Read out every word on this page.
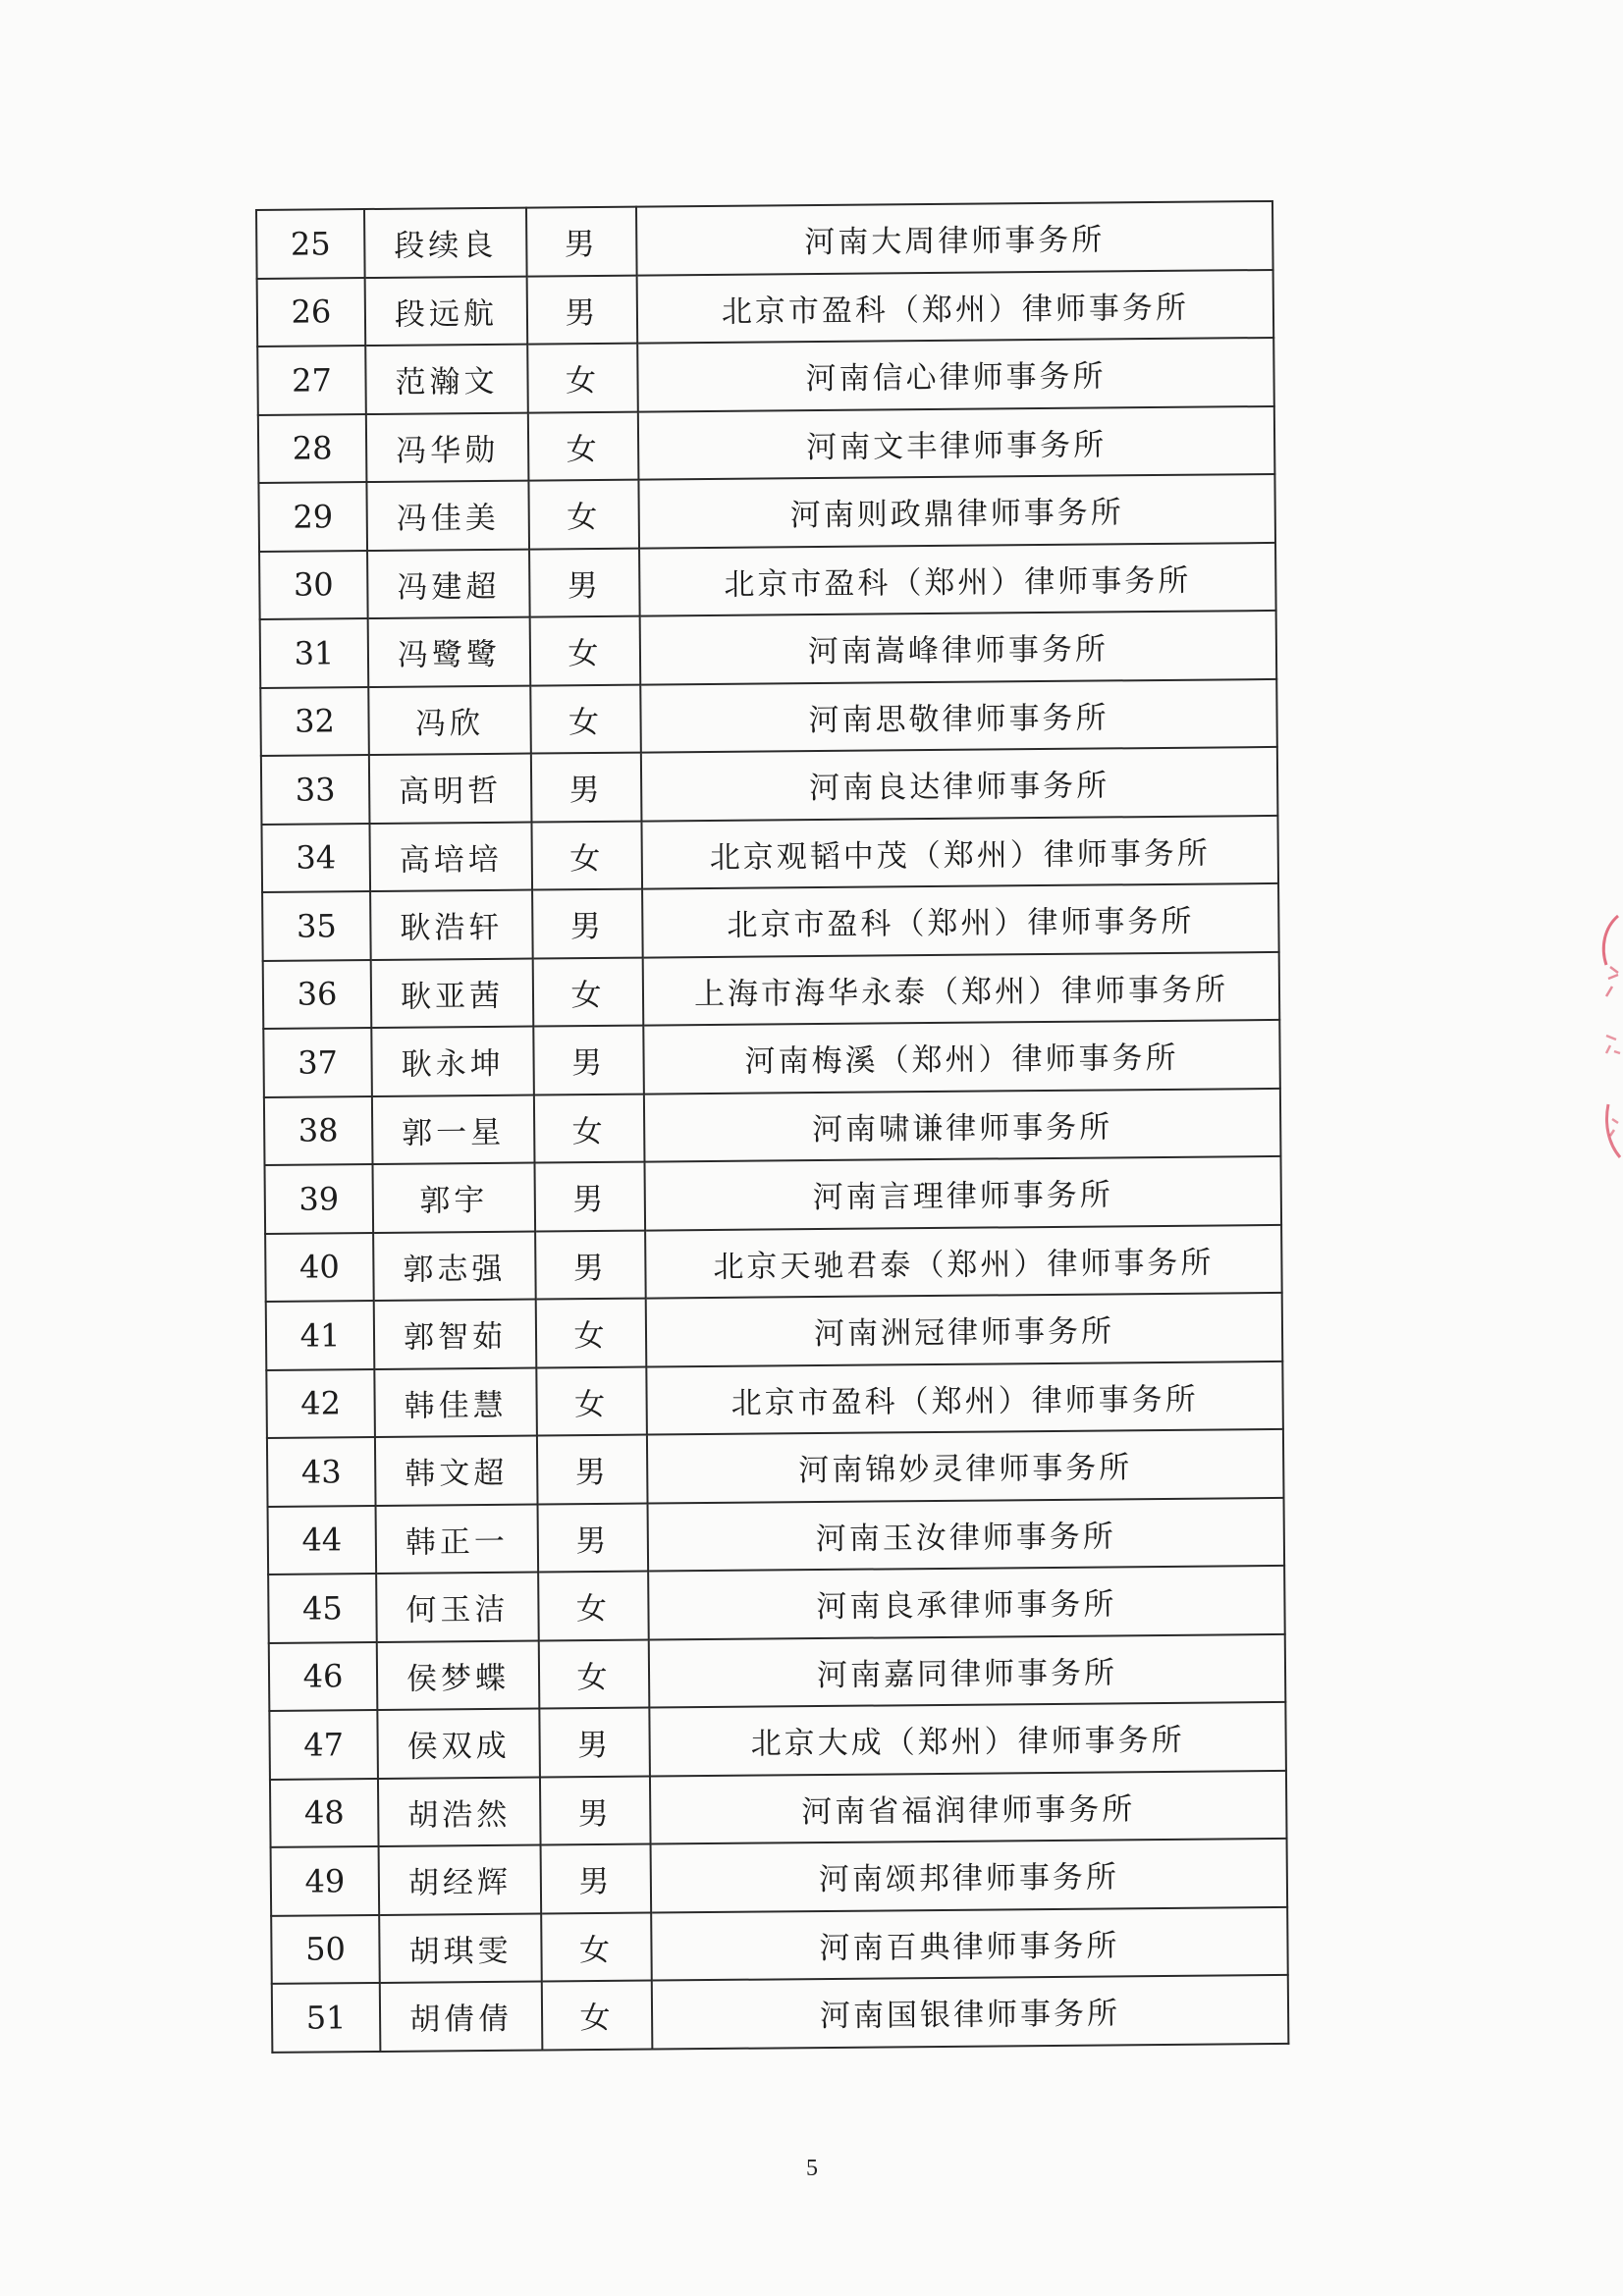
25	段续良	男	河南大周律师事务所
26	段远航	男	北京市盈科（郑州）律师事务所
27	范瀚文	女	河南信心律师事务所
28	冯华勋	女	河南文丰律师事务所
29	冯佳美	女	河南则政鼎律师事务所
30	冯建超	男	北京市盈科（郑州）律师事务所
31	冯鹭鹭	女	河南嵩峰律师事务所
32	冯欣	女	河南思敬律师事务所
33	高明哲	男	河南良达律师事务所
34	高培培	女	北京观韬中茂（郑州）律师事务所
35	耿浩轩	男	北京市盈科（郑州）律师事务所
36	耿亚茜	女	上海市海华永泰（郑州）律师事务所
37	耿永坤	男	河南梅溪（郑州）律师事务所
38	郭一星	女	河南啸谦律师事务所
39	郭宇	男	河南言理律师事务所
40	郭志强	男	北京天驰君泰（郑州）律师事务所
41	郭智茹	女	河南洲冠律师事务所
42	韩佳慧	女	北京市盈科（郑州）律师事务所
43	韩文超	男	河南锦妙灵律师事务所
44	韩正一	男	河南玉汝律师事务所
45	何玉洁	女	河南良承律师事务所
46	侯梦蝶	女	河南嘉同律师事务所
47	侯双成	男	北京大成（郑州）律师事务所
48	胡浩然	男	河南省福润律师事务所
49	胡经辉	男	河南颂邦律师事务所
50	胡琪雯	女	河南百典律师事务所
51	胡倩倩	女	河南国银律师事务所
5
